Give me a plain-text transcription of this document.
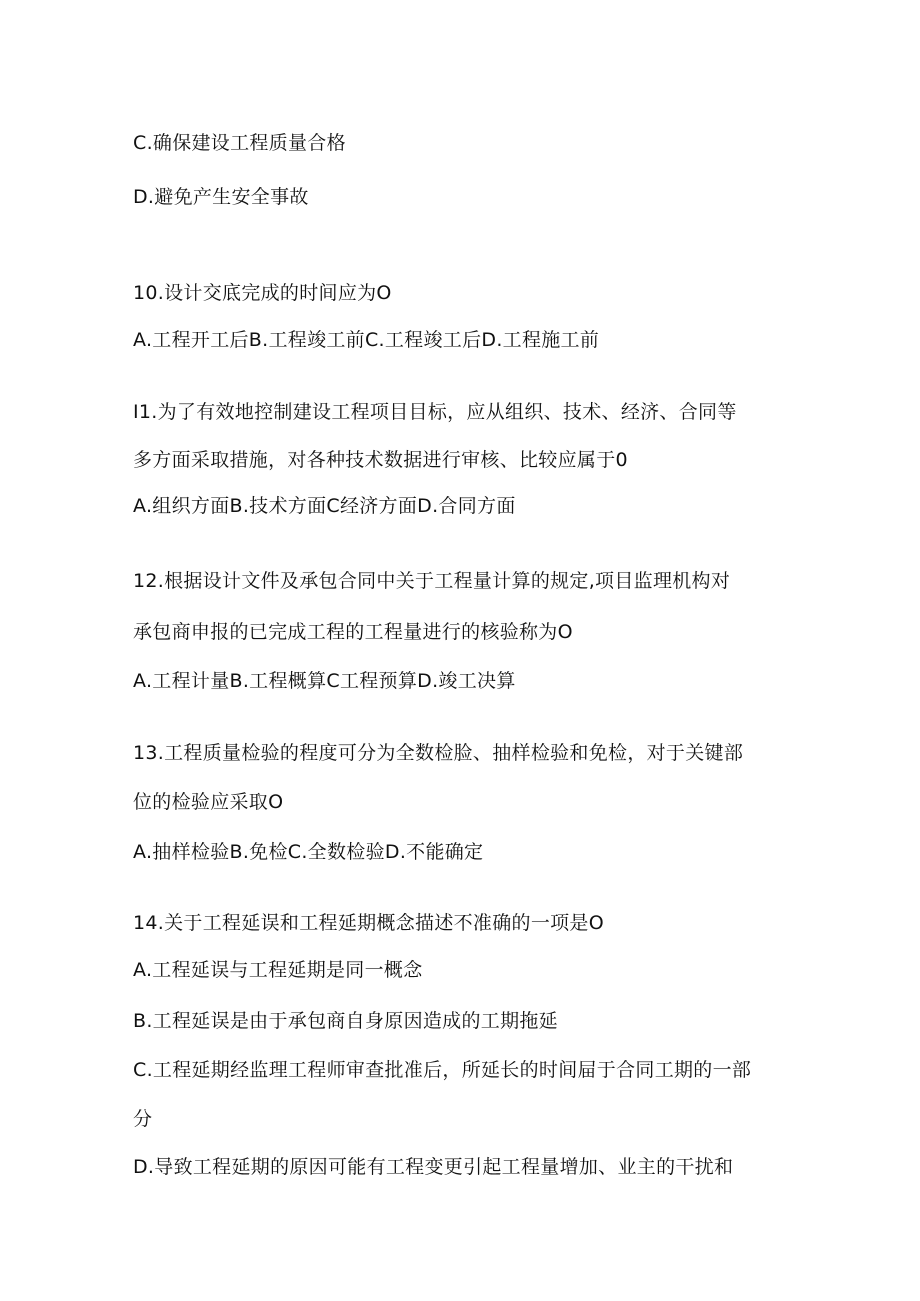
C.确保建设工程质量合格
D.避免产生安全事故
10.设计交底完成的时间应为O
A.工程开工后B.工程竣工前C.工程竣工后D.工程施工前
I1.为了有效地控制建设工程项目目标，应从组织、技术、经济、合同等
多方面采取措施，对各种技术数据进行审核、比较应属于0
A.组织方面B.技术方面C经济方面D.合同方面
12.根据设计文件及承包合同中关于工程量计算的规定,项目监理机构对
承包商申报的已完成工程的工程量进行的核验称为O
A.工程计量B.工程概算C工程预算D.竣工决算
13.工程质量检验的程度可分为全数检脸、抽样检验和免检，对于关键部
位的检验应采取O
A.抽样检验B.免检C.全数检验D.不能确定
14.关于工程延误和工程延期概念描述不准确的一项是O
A.工程延误与工程延期是同一概念
B.工程延误是由于承包商自身原因造成的工期拖延
C.工程延期经监理工程师审查批准后，所延长的时间屇于合同工期的一部
分
D.导致工程延期的原因可能有工程变更引起工程量增加、业主的干扰和
